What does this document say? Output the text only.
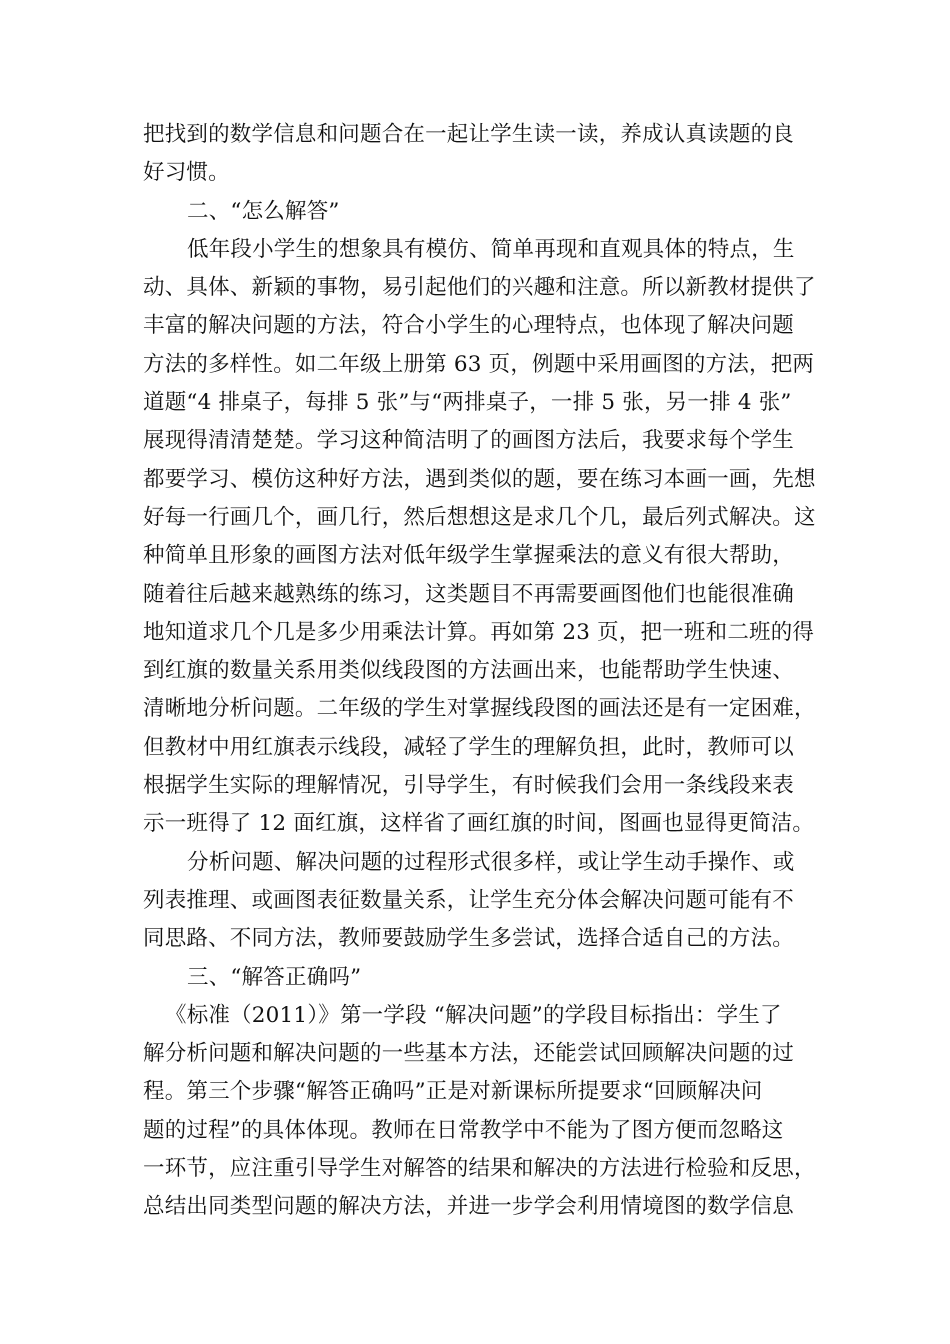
把找到的数学信息和问题合在一起让学生读一读，养成认真读题的良
好习惯。
二、“怎么解答”
低年段小学生的想象具有模仿、简单再现和直观具体的特点，生
动、具体、新颖的事物，易引起他们的兴趣和注意。所以新教材提供了
丰富的解决问题的方法，符合小学生的心理特点，也体现了解决问题
方法的多样性。如二年级上册第 63 页，例题中采用画图的方法，把两
道题“4 排桌子，每排 5 张”与“两排桌子，一排 5 张，另一排 4 张”
展现得清清楚楚。学习这种简洁明了的画图方法后，我要求每个学生
都要学习、模仿这种好方法，遇到类似的题，要在练习本画一画，先想
好每一行画几个，画几行，然后想想这是求几个几，最后列式解决。这
种简单且形象的画图方法对低年级学生掌握乘法的意义有很大帮助，
随着往后越来越熟练的练习，这类题目不再需要画图他们也能很准确
地知道求几个几是多少用乘法计算。再如第 23 页，把一班和二班的得
到红旗的数量关系用类似线段图的方法画出来，也能帮助学生快速、
清晰地分析问题。二年级的学生对掌握线段图的画法还是有一定困难，
但教材中用红旗表示线段，减轻了学生的理解负担，此时，教师可以
根据学生实际的理解情况，引导学生，有时候我们会用一条线段来表
示一班得了 12 面红旗，这样省了画红旗的时间，图画也显得更简洁。
分析问题、解决问题的过程形式很多样，或让学生动手操作、或
列表推理、或画图表征数量关系，让学生充分体会解决问题可能有不
同思路、不同方法，教师要鼓励学生多尝试，选择合适自己的方法。
三、“解答正确吗”
《标准（2011）》第一学段 “解决问题”的学段目标指出：学生了
解分析问题和解决问题的一些基本方法，还能尝试回顾解决问题的过
程。第三个步骤“解答正确吗”正是对新课标所提要求“回顾解决问
题的过程”的具体体现。教师在日常教学中不能为了图方便而忽略这
一环节，应注重引导学生对解答的结果和解决的方法进行检验和反思，
总结出同类型问题的解决方法，并进一步学会利用情境图的数学信息
